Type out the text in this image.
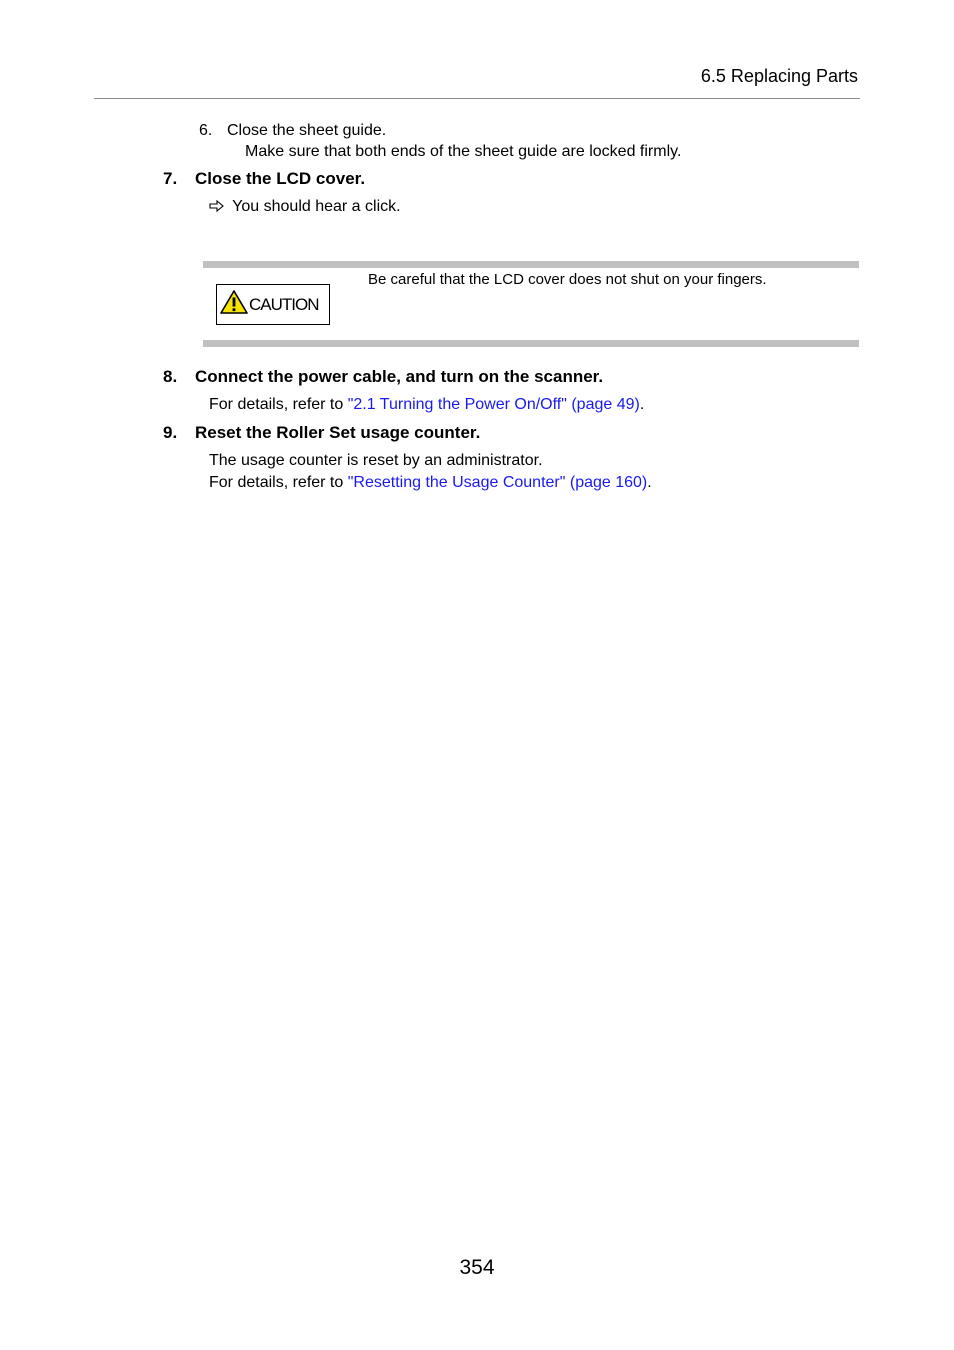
6.5 Replacing Parts
6. Close the sheet guide.
Make sure that both ends of the sheet guide are locked firmly.
7. Close the LCD cover.
You should hear a click.
CAUTION
Be careful that the LCD cover does not shut on your fingers.
8. Connect the power cable, and turn on the scanner.
For details, refer to "2.1 Turning the Power On/Off" (page 49).
9. Reset the Roller Set usage counter.
The usage counter is reset by an administrator.
For details, refer to "Resetting the Usage Counter" (page 160).
354
